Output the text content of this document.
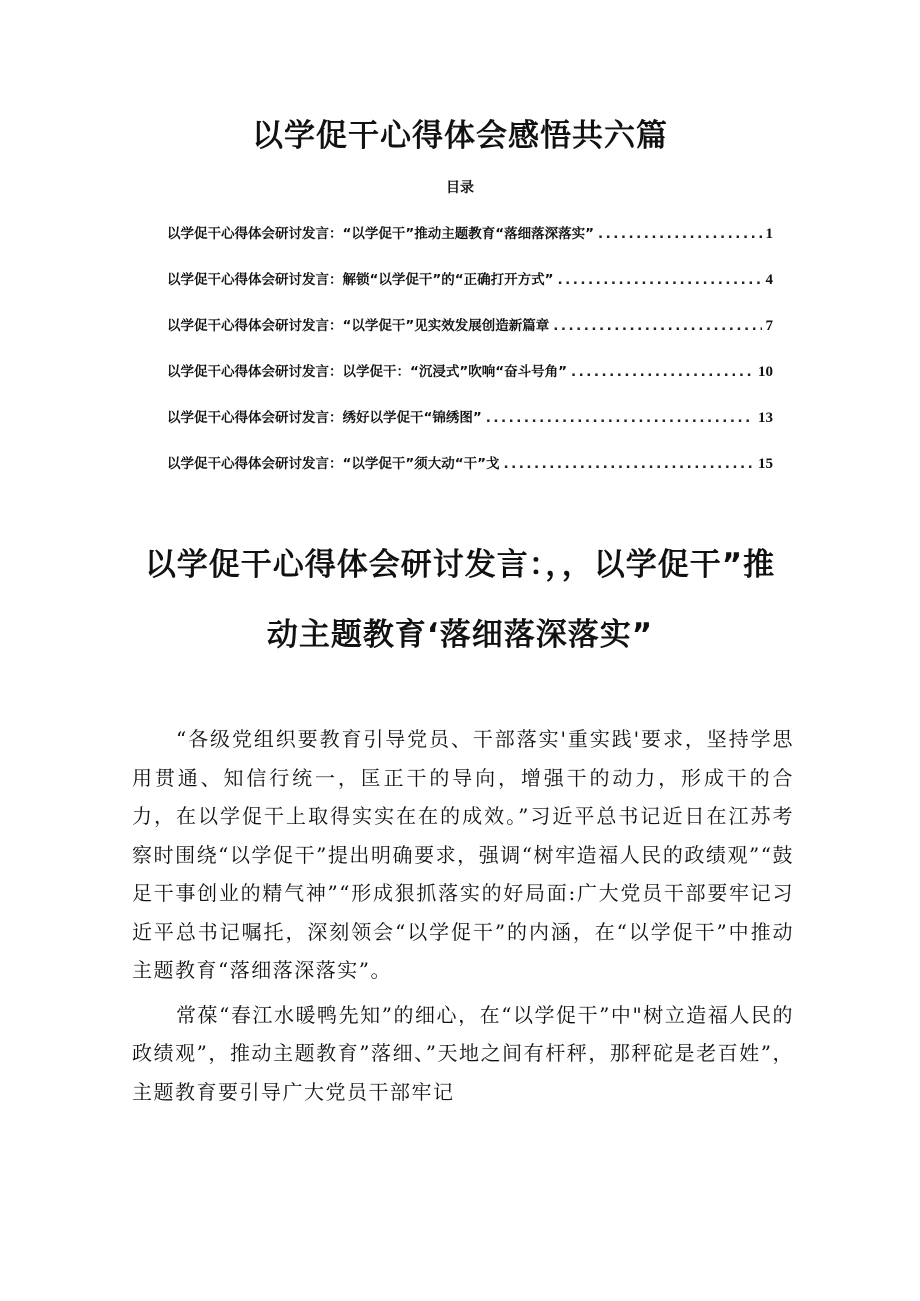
以学促干心得体会感悟共六篇
目录
以学促干心得体会研讨发言：“以学促干”推动主题教育“落细落深落实” .....	1
以学促干心得体会研讨发言：解锁“以学促干”的“正确打开方式” .....	4
以学促干心得体会研讨发言：“以学促干”见实效发展创造新篇章 .....	7
以学促干心得体会研讨发言：以学促干：“沉浸式”吹响“奋斗号角” .....	10
以学促干心得体会研讨发言：绣好以学促干“锦绣图” .....	13
以学促干心得体会研讨发言：“以学促干”须大动“干”戈 .....	15
以学促干心得体会研讨发言：，，以学促干”推
动主题教育‘落细落深落实”

“各级党组织要教育引导党员、干部落实'重实践'要求，坚持学思用贯通、知信行统一，匡正干的导向，增强干的动力，形成干的合力，在以学促干上取得实实在在的成效。”习近平总书记近日在江苏考察时围绕“以学促干”提出明确要求，强调“树牢造福人民的政绩观”“鼓足干事创业的精气神”“形成狠抓落实的好局面:广大党员干部要牢记习近平总书记嘱托，深刻领会“以学促干”的内涵，在“以学促干”中推动主题教育“落细落深落实”。

常葆“春江水暖鸭先知”的细心，在“以学促干”中"树立造福人民的政绩观”，推动主题教育”落细、”天地之间有杆秤，那秤砣是老百姓”，主题教育要引导广大党员干部牢记
